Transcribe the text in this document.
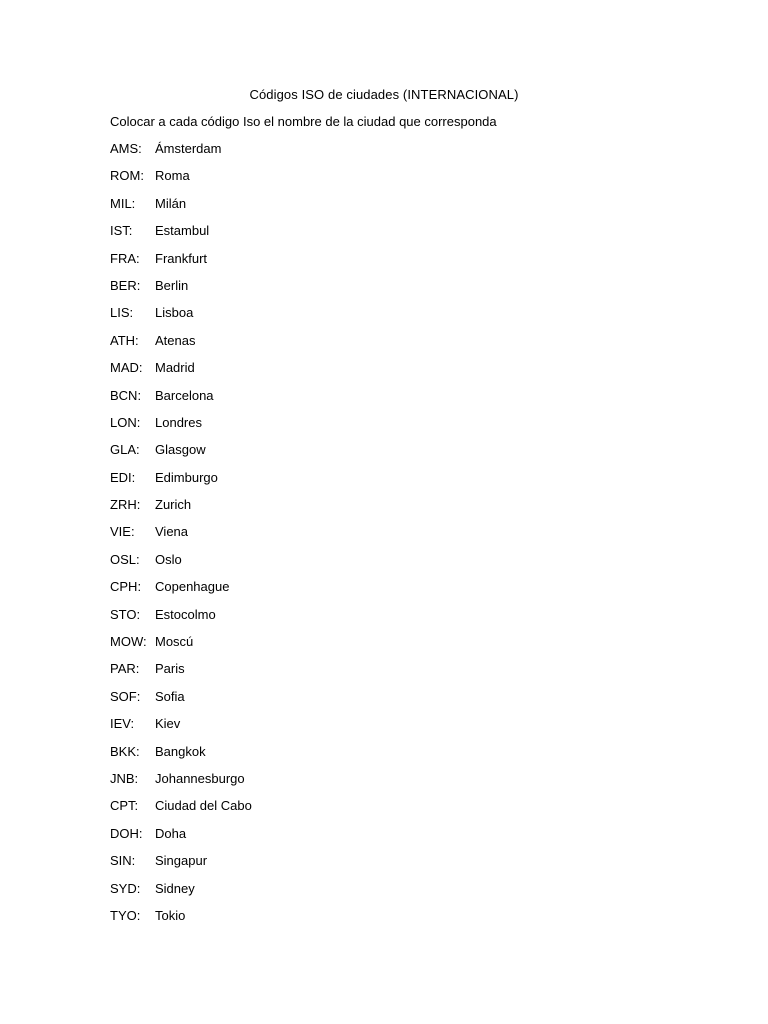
Códigos ISO de ciudades (INTERNACIONAL)
Colocar a cada código Iso el nombre de la ciudad que corresponda
AMS:	Ámsterdam
ROM: Roma
MIL:	Milán
IST:	Estambul
FRA:	Frankfurt
BER:	Berlin
LIS:	Lisboa
ATH:	Atenas
MAD: Madrid
BCN:	Barcelona
LON:	Londres
GLA:	Glasgow
EDI:	Edimburgo
ZRH:	Zurich
VIE:	Viena
OSL:	Oslo
CPH:	Copenhague
STO:	Estocolmo
MOW: Moscú
PAR:	Paris
SOF:	Sofia
IEV:	Kiev
BKK:	Bangkok
JNB:	Johannesburgo
CPT:	Ciudad del Cabo
DOH: Doha
SIN:	Singapur
SYD:	Sidney
TYO:	Tokio
